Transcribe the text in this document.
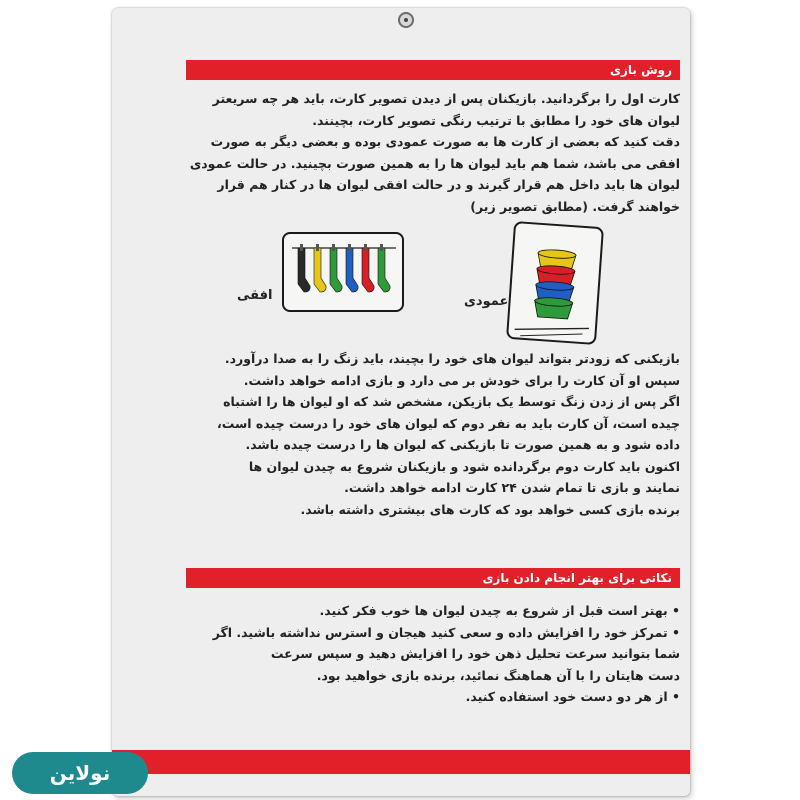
روش بازی

کارت اول را برگردانید. بازیکنان پس از دیدن تصویر کارت، باید هر چه سریعتر

لیوان های خود را مطابق با ترتیب رنگی تصویر کارت، بچینند.

دقت کنید که بعضی از کارت ها به صورت عمودی بوده و بعضی دیگر به صورت

افقی می باشد، شما هم باید لیوان ها را به همین صورت بچینید. در حالت عمودی

لیوان ها باید داخل هم قرار گیرند و در حالت افقی لیوان ها در کنار هم قرار

خواهند گرفت. (مطابق تصویر زیر)

افقی	عمودی

بازیکنی که زودتر بتواند لیوان های خود را بچیند، باید زنگ را به صدا درآورد.

سپس او آن کارت را برای خودش بر می دارد و بازی ادامه خواهد داشت.

اگر پس از زدن زنگ توسط یک بازیکن، مشخص شد که او لیوان ها را اشتباه

چیده است، آن کارت باید به نفر دوم که لیوان های خود را درست چیده است،

داده شود و به همین صورت تا بازیکنی که لیوان ها را درست چیده باشد.

اکنون باید کارت دوم برگردانده شود و بازیکنان شروع به چیدن لیوان ها

نمایند و بازی تا تمام شدن ۲۴ کارت ادامه خواهد داشت.

برنده بازی کسی خواهد بود که کارت های بیشتری داشته باشد.

نکاتی برای بهتر انجام دادن بازی

• بهتر است قبل از شروع به چیدن لیوان ها خوب فکر کنید.

• تمرکز خود را افزایش داده و سعی کنید هیجان و استرس نداشته باشید. اگر

شما بتوانید سرعت تحلیل ذهن خود را افزایش دهید و سپس سرعت

دست هایتان را با آن هماهنگ نمائید، برنده بازی خواهید بود.

• از هر دو دست خود استفاده کنید.

نولاین
